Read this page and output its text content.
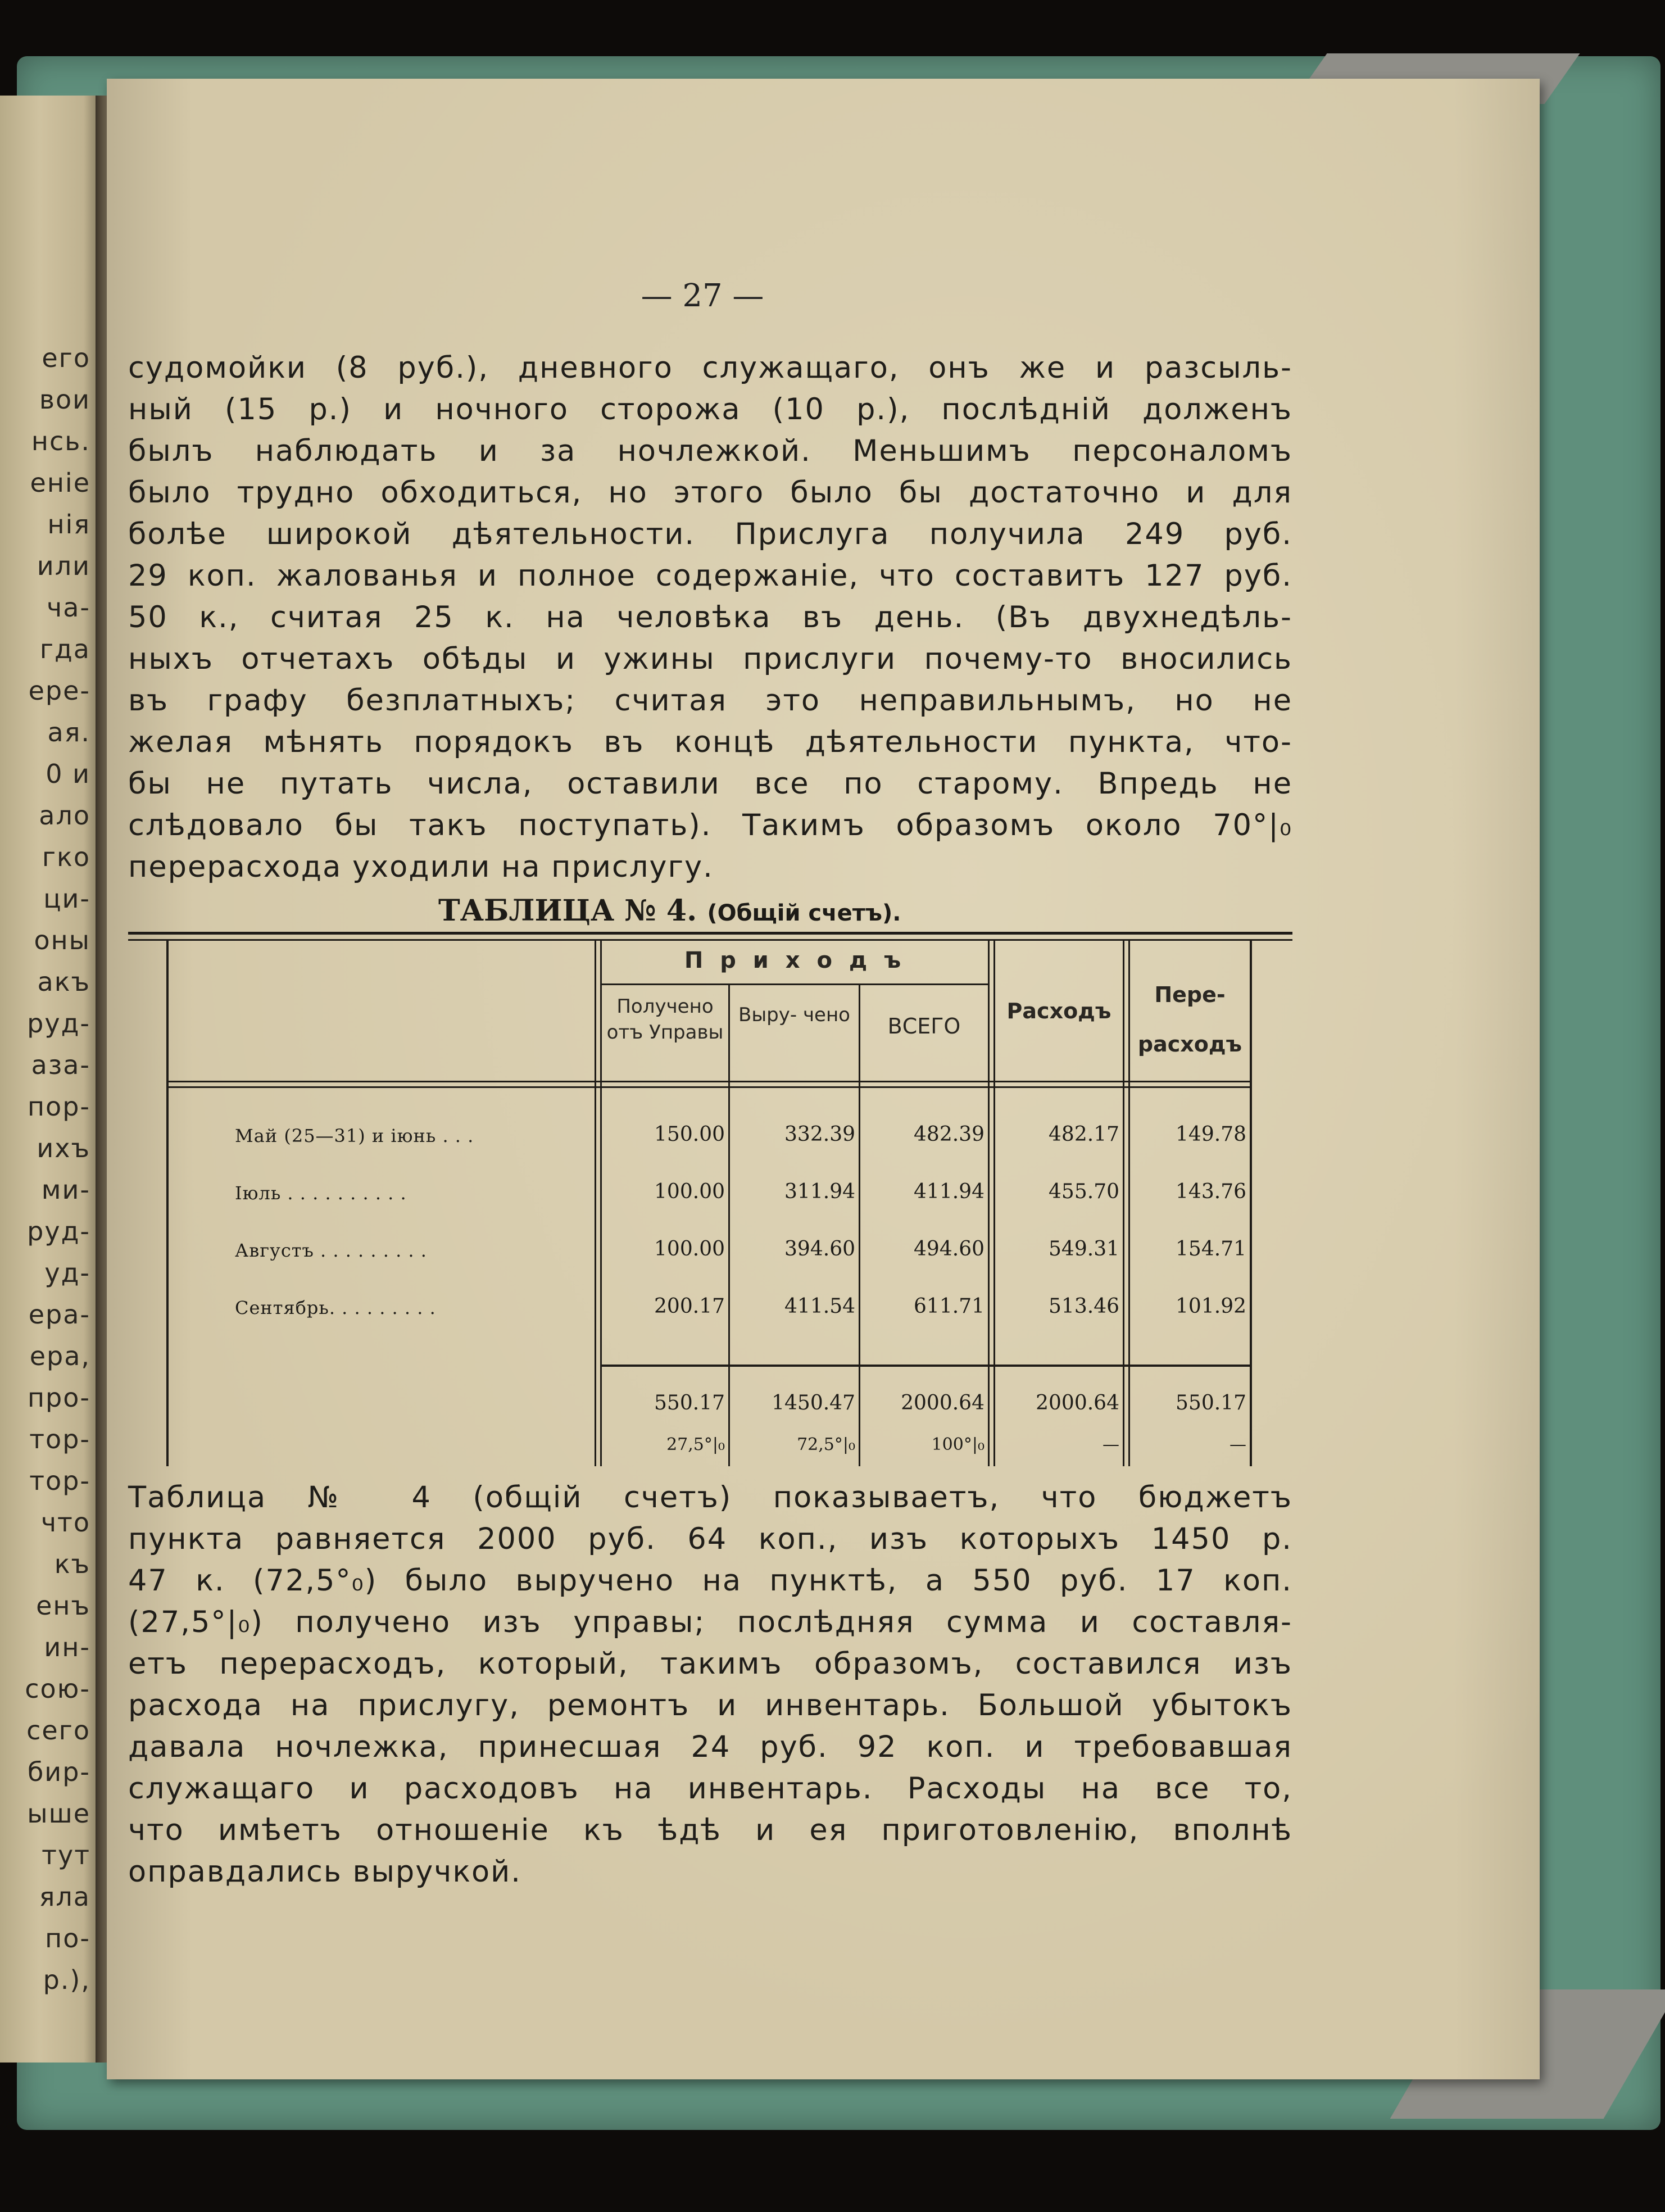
его
вои
нсь.
еніе
нія
или
ча-
гда
ере-
ая.
0 и
ало
гко
ци-
оны
акъ
руд-
аза-
пор-
ихъ
ми-
руд-
уд-
ера-
ера,
про-
тор-
тор-
что
къ
енъ
ин-
сою-
сего
бир-
ыше
тут
яла
по-
р.),
— 27 —
судомойки (8 руб.), дневного служащаго, онъ же и разсыль-
ный (15 р.) и ночного сторожа (10 р.), послѣдній долженъ
былъ наблюдать и за ночлежкой. Меньшимъ персоналомъ
было трудно обходиться, но этого было бы достаточно и для
болѣе широкой дѣятельности. Прислуга получила 249 руб.
29 коп. жалованья и полное содержаніе, что составитъ 127 руб.
50 к., считая 25 к. на человѣка въ день. (Въ двухнедѣль-
ныхъ отчетахъ обѣды и ужины прислуги почему-то вносились
въ графу безплатныхъ; считая это неправильнымъ, но не
желая мѣнять порядокъ въ концѣ дѣятельности пункта, что-
бы не путать числа, оставили все по старому. Впредь не
слѣдовало бы такъ поступать). Такимъ образомъ около 70°|₀
перерасхода уходили на прислугу.
ТАБЛИЦА № 4. (Общій счетъ).
П р и х о д ъ
Получено отъ Управы
Выру- чено	ВСЕГО
Расходъ
Пере- расходъ
Май (25—31) и іюнь . . .	150.00	332.39	482.39	482.17	149.78
Іюль . . . . . . . . . .	100.00	311.94	411.94	455.70	143.76
Августъ . . . . . . . . .	100.00	394.60	494.60	549.31	154.71
Сентябрь. . . . . . . . .	200.17	411.54	611.71	513.46	101.92
550.17	1450.47	2000.64	2000.64	550.17
27,5°|₀	72,5°|₀	100°|₀	—	—
Таблица № 4 (общій счетъ) показываетъ, что бюджетъ
пункта равняется 2000 руб. 64 коп., изъ которыхъ 1450 р.
47 к. (72,5°₀) было выручено на пунктѣ, а 550 руб. 17 коп.
(27,5°|₀) получено изъ управы; послѣдняя сумма и составля-
етъ перерасходъ, который, такимъ образомъ, составился изъ
расхода на прислугу, ремонтъ и инвентарь. Большой убытокъ
давала ночлежка, принесшая 24 руб. 92 коп. и требовавшая
служащаго и расходовъ на инвентарь. Расходы на все то,
что имѣетъ отношеніе къ ѣдѣ и ея приготовленію, вполнѣ
оправдались выручкой.
